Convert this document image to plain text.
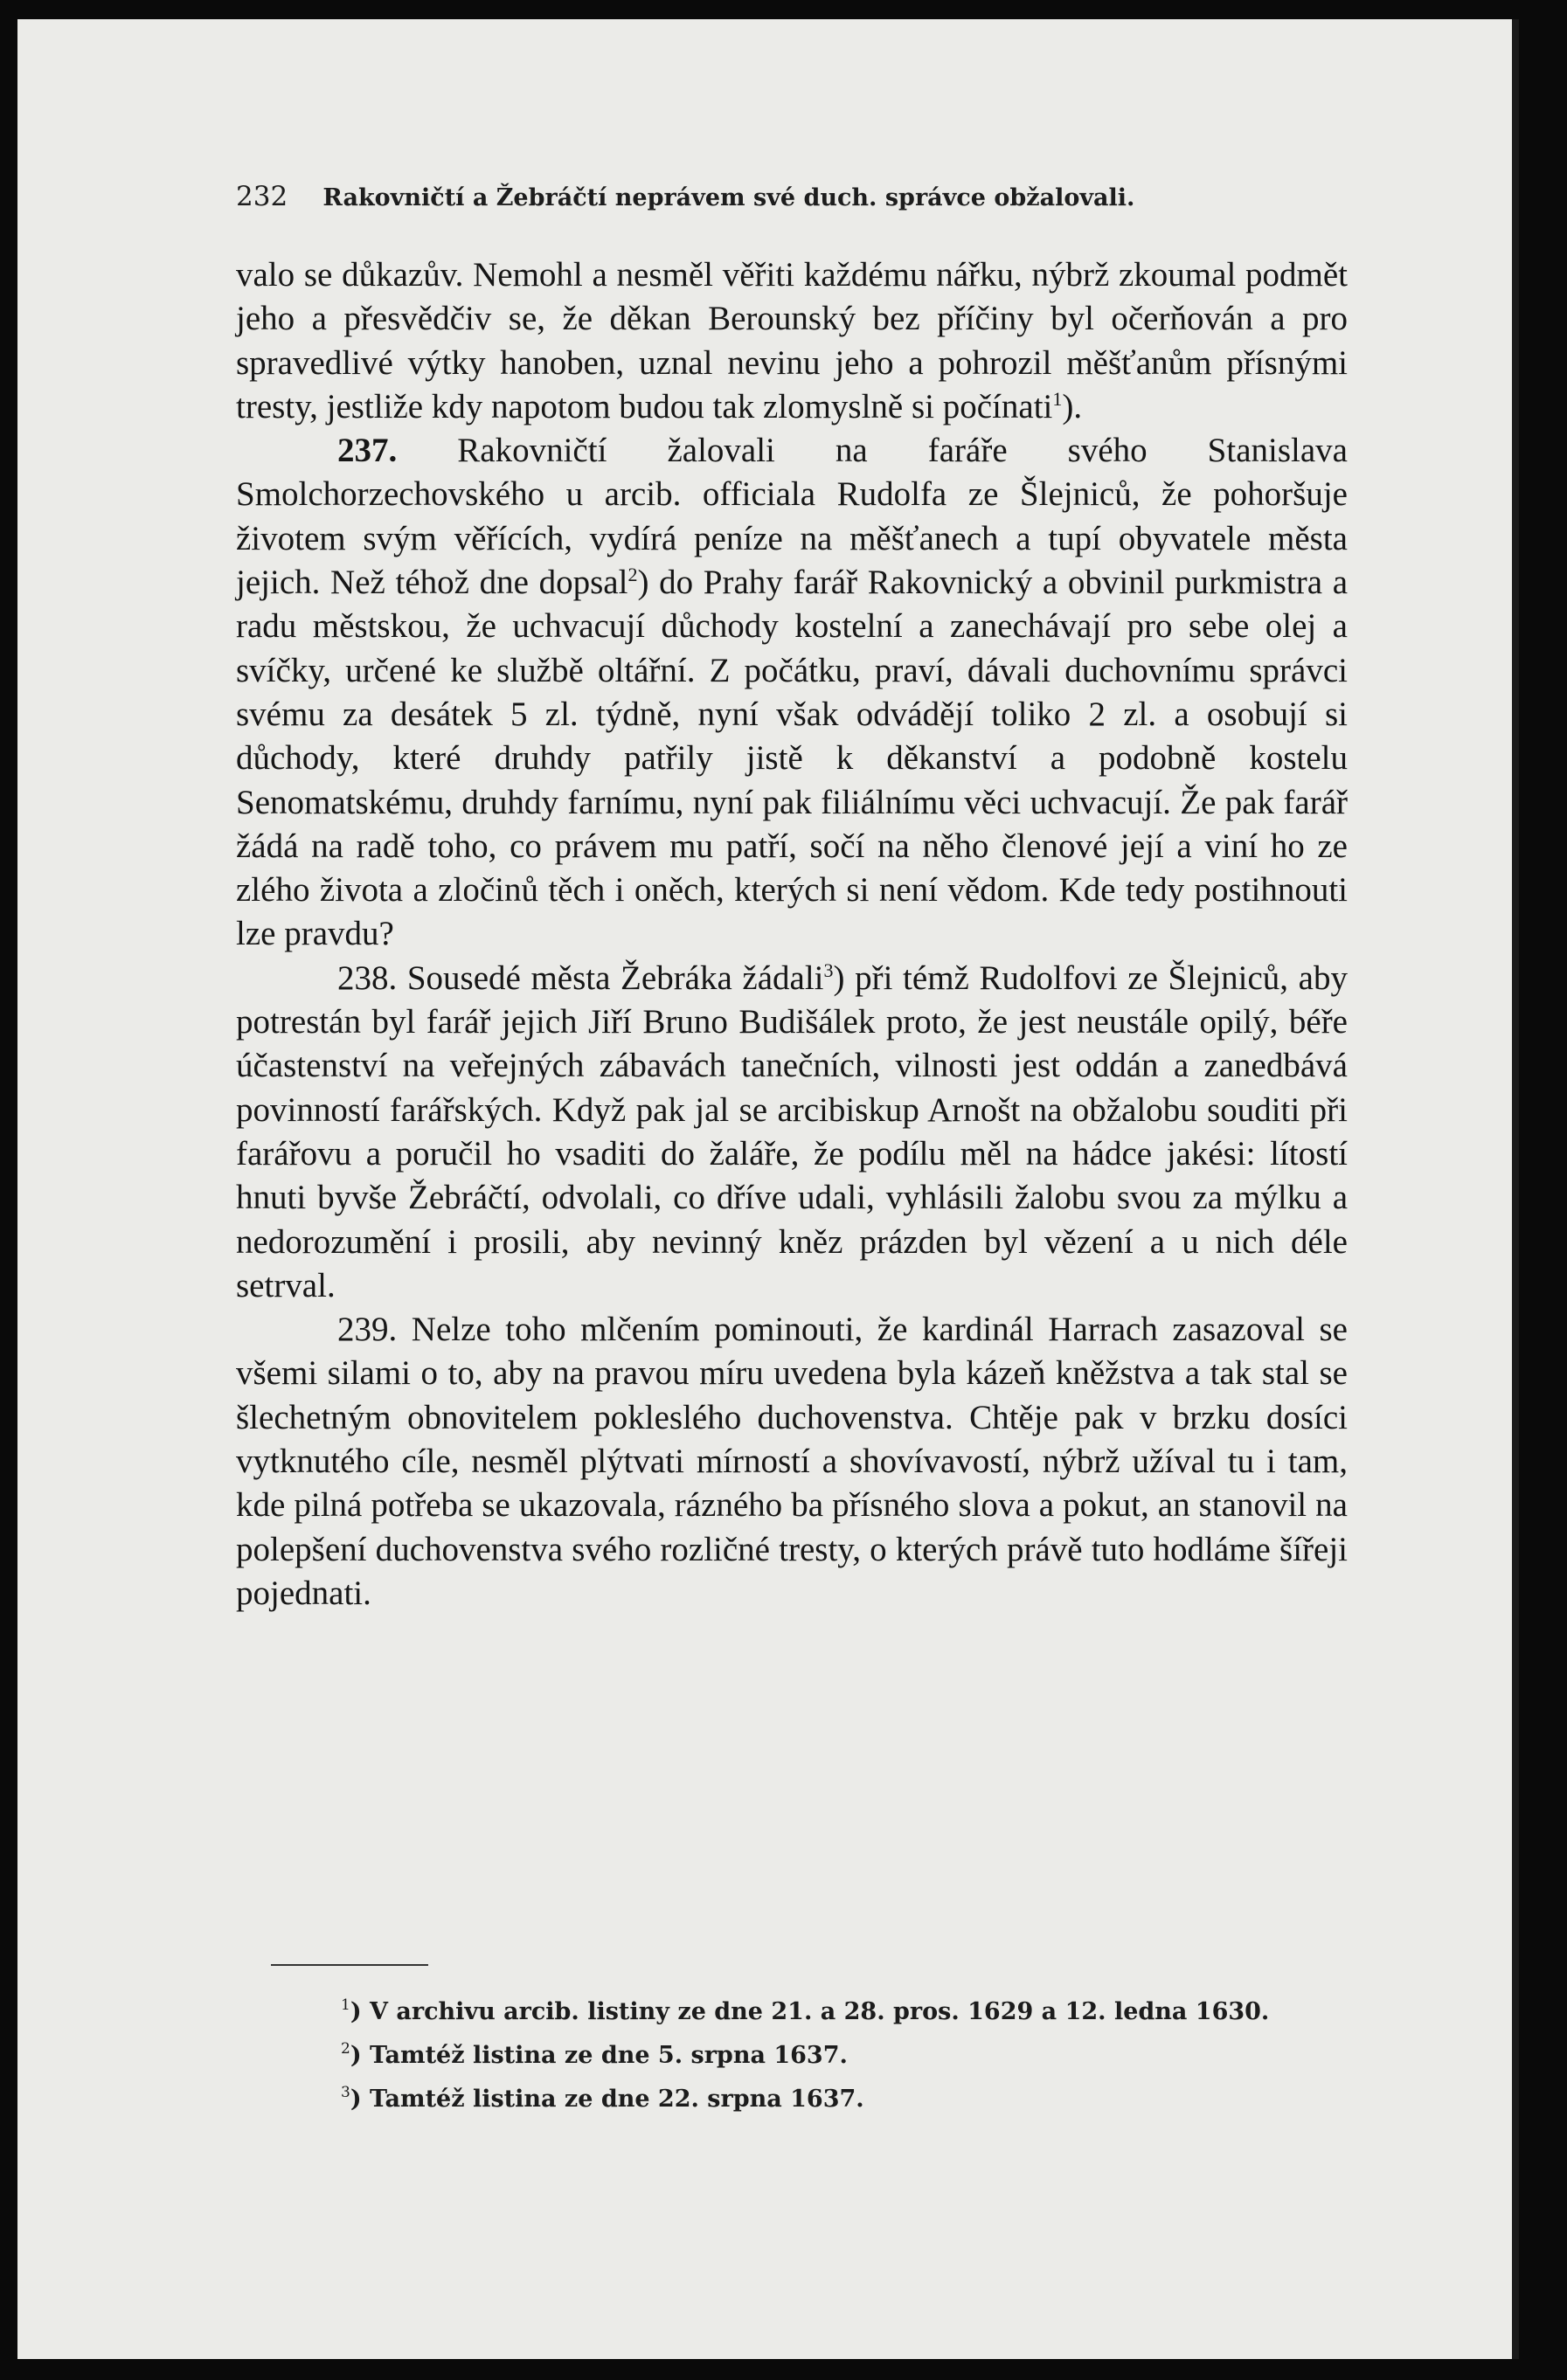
232 Rakovničtí a Žebráčtí neprávem své duch. správce obžalovali.

valo se důkazův. Nemohl a nesměl věřiti každému nářku, nýbrž zkoumal podmět jeho a přesvědčiv se, že děkan Berounský bez příčiny byl očerňován a pro spravedlivé výtky hanoben, uznal nevinu jeho a pohrozil měšťanům přísnými tresty, jestliže kdy napotom budou tak zlomyslně si počínati$^1$).

237. Rakovničtí žalovali na faráře svého Stanislava Smolchorzechovského u arcib. officiala Rudolfa ze Šlejniců, že pohoršuje životem svým věřících, vydírá peníze na měšťanech a tupí obyvatele města jejich. Než téhož dne dopsal$^2$) do Prahy farář Rakovnický a obvinil purkmistra a radu městskou, že uchvacují důchody kostelní a zanechávají pro sebe olej a svíčky, určené ke službě oltářní. Z počátku, praví, dávali duchovnímu správci svému za desátek 5 zl. týdně, nyní však odvádějí toliko 2 zl. a osobují si důchody, které druhdy patřily jistě k děkanství a podobně kostelu Senomatskému, druhdy farnímu, nyní pak filiálnímu věci uchvacují. Že pak farář žádá na radě toho, co právem mu patří, sočí na něho členové její a viní ho ze zlého života a zločinů těch i oněch, kterých si není vědom. Kde tedy postihnouti lze pravdu?

238. Sousedé města Žebráka žádali$^3$) při témž Rudolfovi ze Šlejniců, aby potrestán byl farář jejich Jiří Bruno Budišálek proto, že jest neustále opilý, béře účastenství na veřejných zábavách tanečních, vilnosti jest oddán a zanedbává povinností farářských. Když pak jal se arcibiskup Arnošt na obžalobu souditi při farářovu a poručil ho vsaditi do žaláře, že podílu měl na hádce jakési: lítostí hnuti byvše Žebráčtí, odvolali, co dříve udali, vyhlásili žalobu svou za mýlku a nedorozumění i prosili, aby nevinný kněz prázden byl vězení a u nich déle setrval.

239. Nelze toho mlčením pominouti, že kardinál Harrach zasazoval se všemi silami o to, aby na pravou míru uvedena byla kázeň kněžstva a tak stal se šlechetným obnovitelem pokleslého duchovenstva. Chtěje pak v brzku dosíci vytknutého cíle, nesměl plýtvati mírností a shovívavostí, nýbrž užíval tu i tam, kde pilná potřeba se ukazovala, rázného ba přísného slova a pokut, an stanovil na polepšení duchovenstva svého rozličné tresty, o kterých právě tuto hodláme šířeji pojednati.

$^1$) V archivu arcib. listiny ze dne 21. a 28. pros. 1629 a 12. ledna 1630.
$^2$) Tamtéž listina ze dne 5. srpna 1637.
$^3$) Tamtéž listina ze dne 22. srpna 1637.
